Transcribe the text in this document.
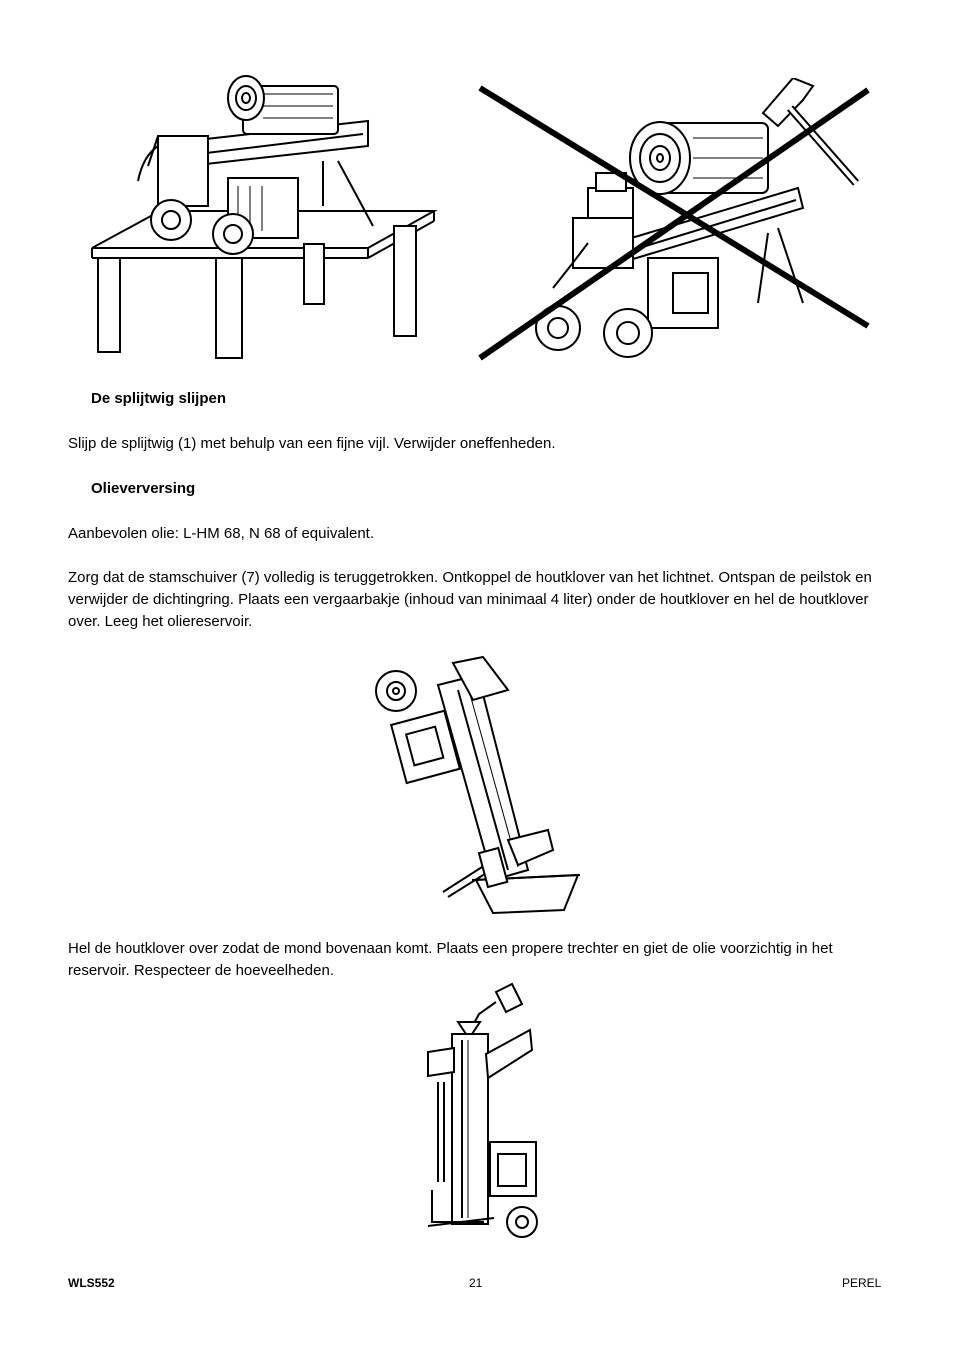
De splijtwig slijpen
Slijp de splijtwig (1) met behulp van een fijne vijl. Verwijder oneffenheden.
Olieverversing
Aanbevolen olie: L-HM 68, N 68 of equivalent.
Zorg dat de stamschuiver (7) volledig is teruggetrokken. Ontkoppel de houtklover van het lichtnet. Ontspan de peilstok en verwijder de dichtingring. Plaats een vergaarbakje (inhoud van minimaal 4 liter) onder de houtklover en hel de houtklover over. Leeg het oliereservoir.
Hel de houtklover over zodat de mond bovenaan komt. Plaats een propere trechter en giet de olie voorzichtig in het reservoir. Respecteer de hoeveelheden.
WLS552	21	PEREL
